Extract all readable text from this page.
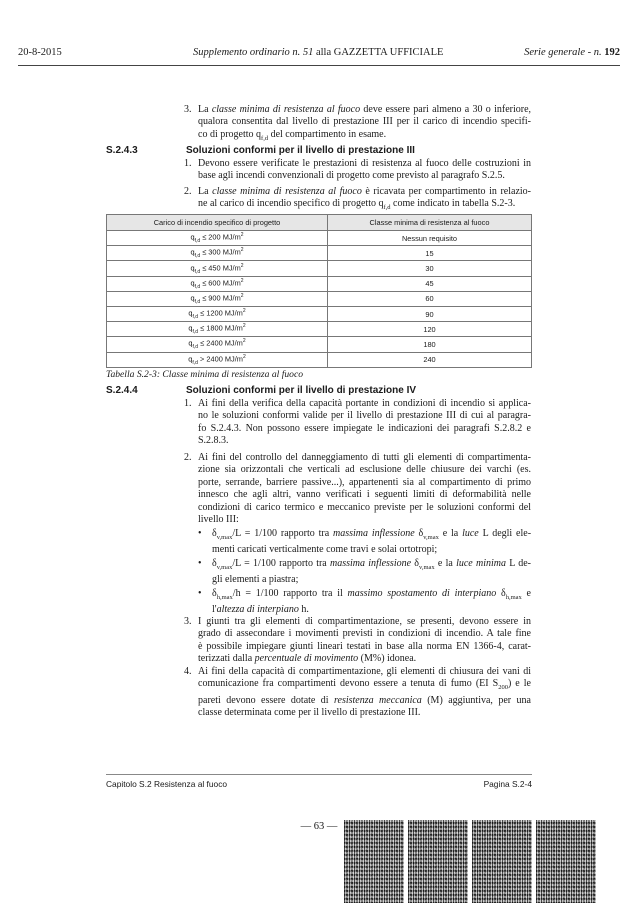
20-8-2015	Supplemento ordinario n. 51 alla GAZZETTA UFFICIALE	Serie generale - n. 192
3. La classe minima di resistenza al fuoco deve essere pari almeno a 30 o inferiore,
qualora consentita dal livello di prestazione III per il carico di incendio specifi-
co di progetto $q_{f,d}$ del compartimento in esame.
S.2.4.3	Soluzioni conformi per il livello di prestazione III
1. Devono essere verificate le prestazioni di resistenza al fuoco delle costruzioni in
base agli incendi convenzionali di progetto come previsto al paragrafo S.2.5.
2. La classe minima di resistenza al fuoco è ricavata per compartimento in relazio-
ne al carico di incendio specifico di progetto $q_{f,d}$ come indicato in tabella S.2-3.
Carico di incendio specifico di progetto	Classe minima di resistenza al fuoco
$q_{f,d} \le 200$ $MJ/m^2$	Nessun requisito
$q_{f,d} \le 300$ $MJ/m^2$	15
$q_{f,d} \le 450$ $MJ/m^2$	30
$q_{f,d} \le 600$ $MJ/m^2$	45
$q_{f,d} \le 900$ $MJ/m^2$	60
$q_{f,d} \le 1200$ $MJ/m^2$	90
$q_{f,d} \le 1800$ $MJ/m^2$	120
$q_{f,d} \le 2400$ $MJ/m^2$	180
$q_{f,d} > 2400$ $MJ/m^2$	240
Tabella S.2-3: Classe minima di resistenza al fuoco
S.2.4.4	Soluzioni conformi per il livello di prestazione IV
1. Ai fini della verifica della capacità portante in condizioni di incendio si applica-
no le soluzioni conformi valide per il livello di prestazione III di cui al paragra-
fo S.2.4.3. Non possono essere impiegate le indicazioni dei paragrafi S.2.8.2 e
S.2.8.3.
2. Ai fini del controllo del danneggiamento di tutti gli elementi di compartimenta-
zione sia orizzontali che verticali ad esclusione delle chiusure dei varchi (es.
porte, serrande, barriere passive...), appartenenti sia al compartimento di primo
innesco che agli altri, vanno verificati i seguenti limiti di deformabilità nelle
condizioni di carico termico e meccanico previste per le soluzioni conformi del
livello III:
• $\delta_{v,max}/L = 1/100$ rapporto tra massima inflessione $\delta_{v,max}$ e la luce L degli ele-
menti caricati verticalmente come travi e solai ortotropi;
• $\delta_{v,max}/L = 1/100$ rapporto tra massima inflessione $\delta_{v,max}$ e la luce minima L de-
gli elementi a piastra;
• $\delta_{h,max}/h = 1/100$ rapporto tra il massimo spostamento di interpiano $\delta_{h,max}$ e
l'altezza di interpiano h.
3. I giunti tra gli elementi di compartimentazione, se presenti, devono essere in
grado di assecondare i movimenti previsti in condizioni di incendio. A tale fine
è possibile impiegare giunti lineari testati in base alla norma EN 1366-4, carat-
terizzati dalla percentuale di movimento (M%) idonea.
4. Ai fini della capacità di compartimentazione, gli elementi di chiusura dei vani di
comunicazione fra compartimenti devono essere a tenuta di fumo (EI $S_{200}$) e le
pareti devono essere dotate di resistenza meccanica (M) aggiuntiva, per una
classe determinata come per il livello di prestazione III.
Capitolo S.2 Resistenza al fuoco	Pagina S.2-4
— 63 —
